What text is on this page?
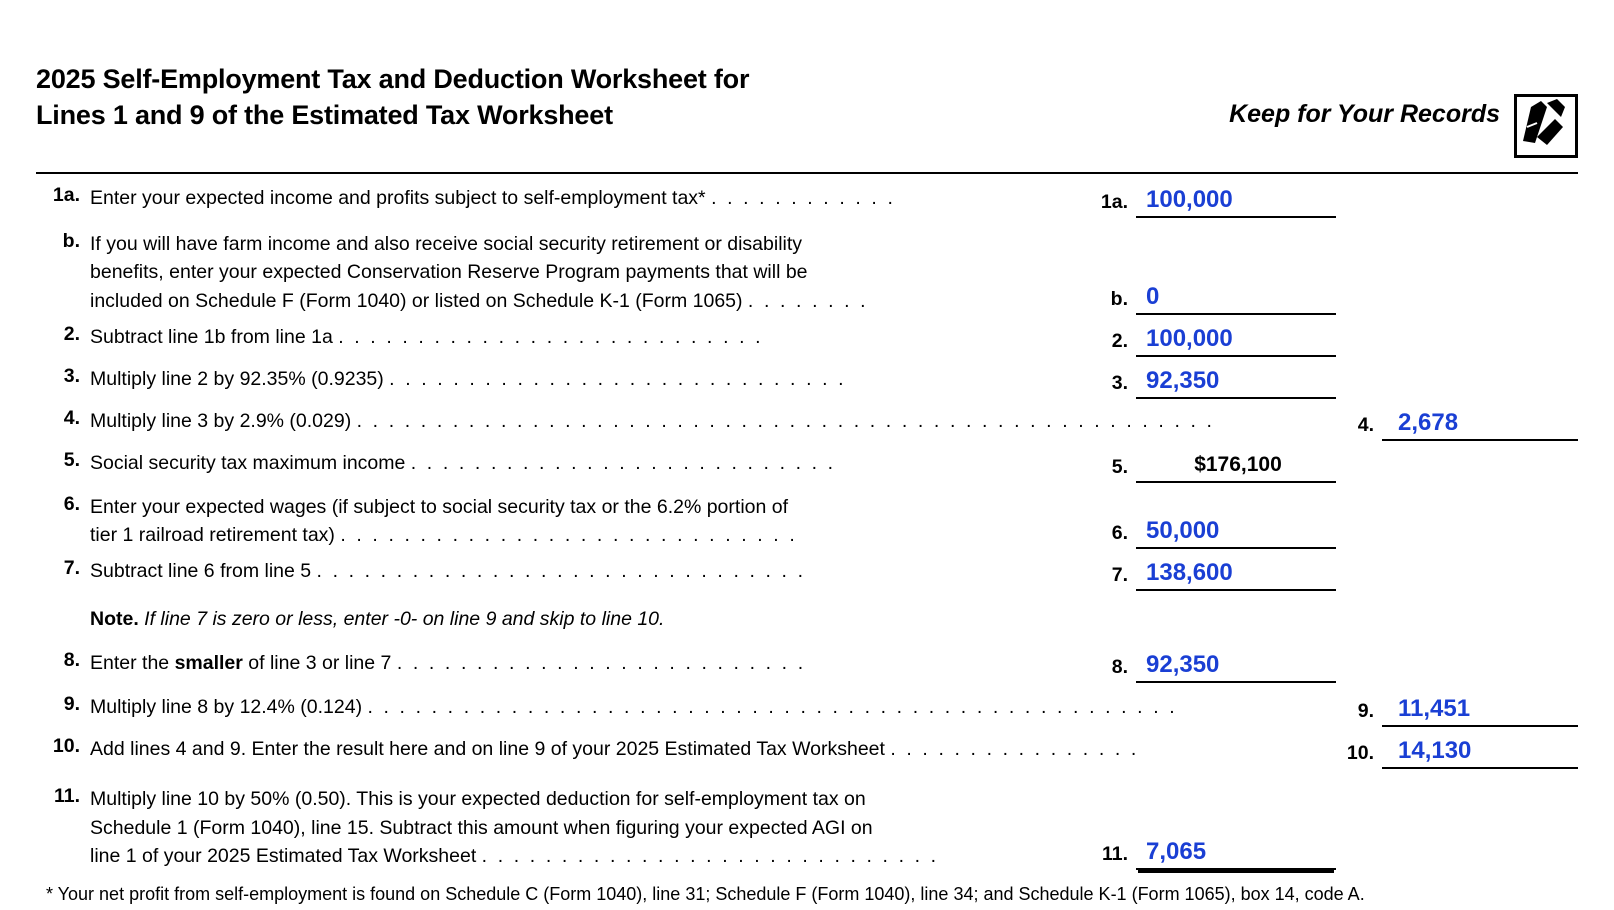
2025 Self-Employment Tax and Deduction Worksheet for
Lines 1 and 9 of the Estimated Tax Worksheet	Keep for Your Records
1a. Enter your expected income and profits subject to self-employment tax* . . . . . . . . . . . .	1a. 100,000
b. If you will have farm income and also receive social security retirement or disability
benefits, enter your expected Conservation Reserve Program payments that will be
included on Schedule F (Form 1040) or listed on Schedule K-1 (Form 1065) . . . . . . . .	b. 0
2. Subtract line 1b from line 1a . . . . . . . . . . . . . . . . . . . . . . . . . . .	2. 100,000
3. Multiply line 2 by 92.35% (0.9235) . . . . . . . . . . . . . . . . . . . . . . . . . . . . .	3. 92,350
4. Multiply line 3 by 2.9% (0.029) . . . . . . . . . . . . . . . . . . . . . . . . . . . . . . . . . . . . . . . . . . . . . . . . . . . . . .	4.	2,678
5. Social security tax maximum income . . . . . . . . . . . . . . . . . . . . . . . . . . .	5.	$176,100
6. Enter your expected wages (if subject to social security tax or the 6.2% portion of
tier 1 railroad retirement tax) . . . . . . . . . . . . . . . . . . . . . . . . . . . . .	6. 50,000
7. Subtract line 6 from line 5 . . . . . . . . . . . . . . . . . . . . . . . . . . . . . . .	7. 138,600
Note. If line 7 is zero or less, enter -0- on line 9 and skip to line 10.
8. Enter the smaller of line 3 or line 7 . . . . . . . . . . . . . . . . . . . . . . . . . .	8. 92,350
9. Multiply line 8 by 12.4% (0.124) . . . . . . . . . . . . . . . . . . . . . . . . . . . . . . . . . . . . . . . . . . . . . . . . . . .	9.	11,451
10. Add lines 4 and 9. Enter the result here and on line 9 of your 2025 Estimated Tax Worksheet . . . . . . . . . . . . . . . .	10.	14,130
11. Multiply line 10 by 50% (0.50). This is your expected deduction for self-employment tax on
Schedule 1 (Form 1040), line 15. Subtract this amount when figuring your expected AGI on
line 1 of your 2025 Estimated Tax Worksheet . . . . . . . . . . . . . . . . . . . . . . . . . . . . .	11. 7,065
* Your net profit from self-employment is found on Schedule C (Form 1040), line 31; Schedule F (Form 1040), line 34; and Schedule K-1 (Form 1065), box 14, code A.
